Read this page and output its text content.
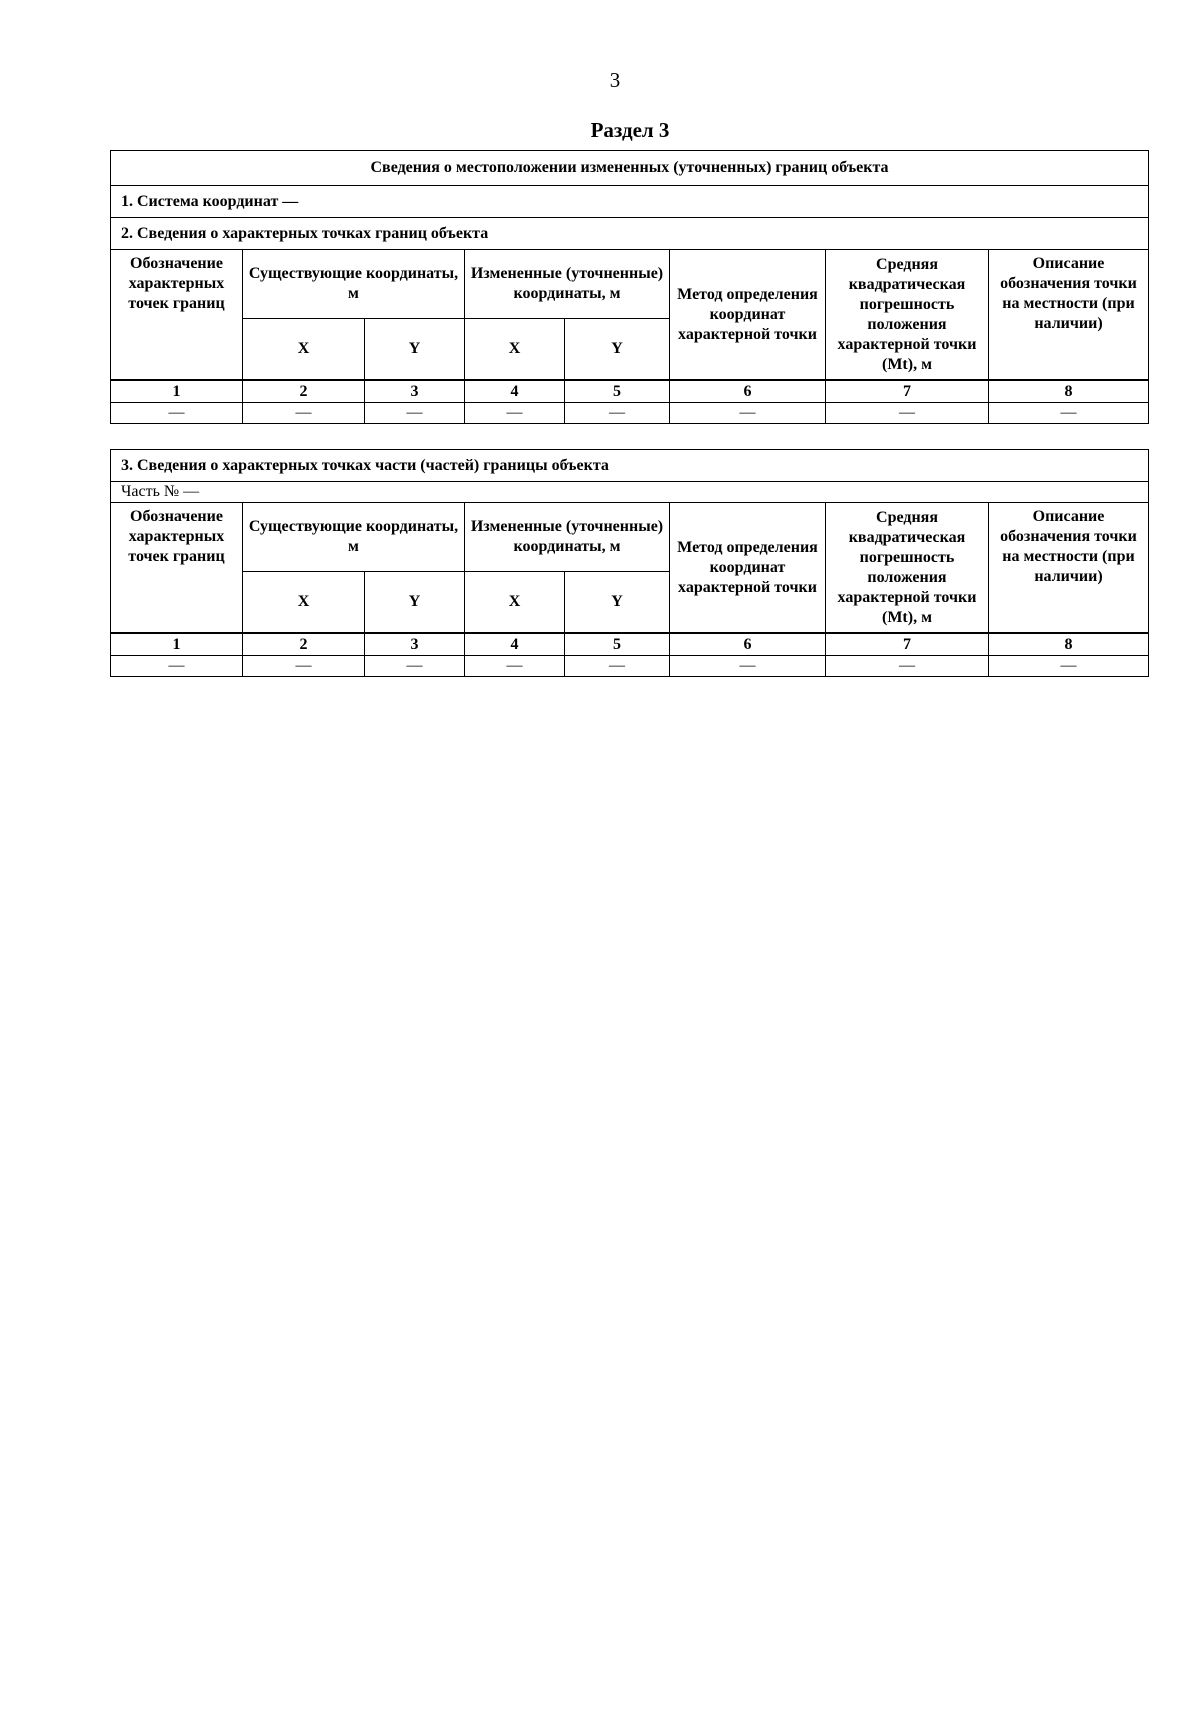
3
Раздел 3
Сведения о местоположении измененных (уточненных) границ объекта							
1. Система координат —							
2. Сведения о характерных точках границ объекта							
Обозначение характерных точек границ	Существующие координаты, м		Измененные (уточненные) координаты, м		Метод определения координат характерной точки	Средняя квадратическая погрешность положения характерной точки (Mt), м	Описание обозначения точки на местности (при наличии)
	X	Y	X	Y			
1	2	3	4	5	6	7	8
—	—	—	—	—	—	—	—
3. Сведения о характерных точках части (частей) границы объекта							
Часть № —							
Обозначение характерных точек границ	Существующие координаты, м		Измененные (уточненные) координаты, м		Метод определения координат характерной точки	Средняя квадратическая погрешность положения характерной точки (Mt), м	Описание обозначения точки на местности (при наличии)
	X	Y	X	Y			
1	2	3	4	5	6	7	8
—	—	—	—	—	—	—	—
